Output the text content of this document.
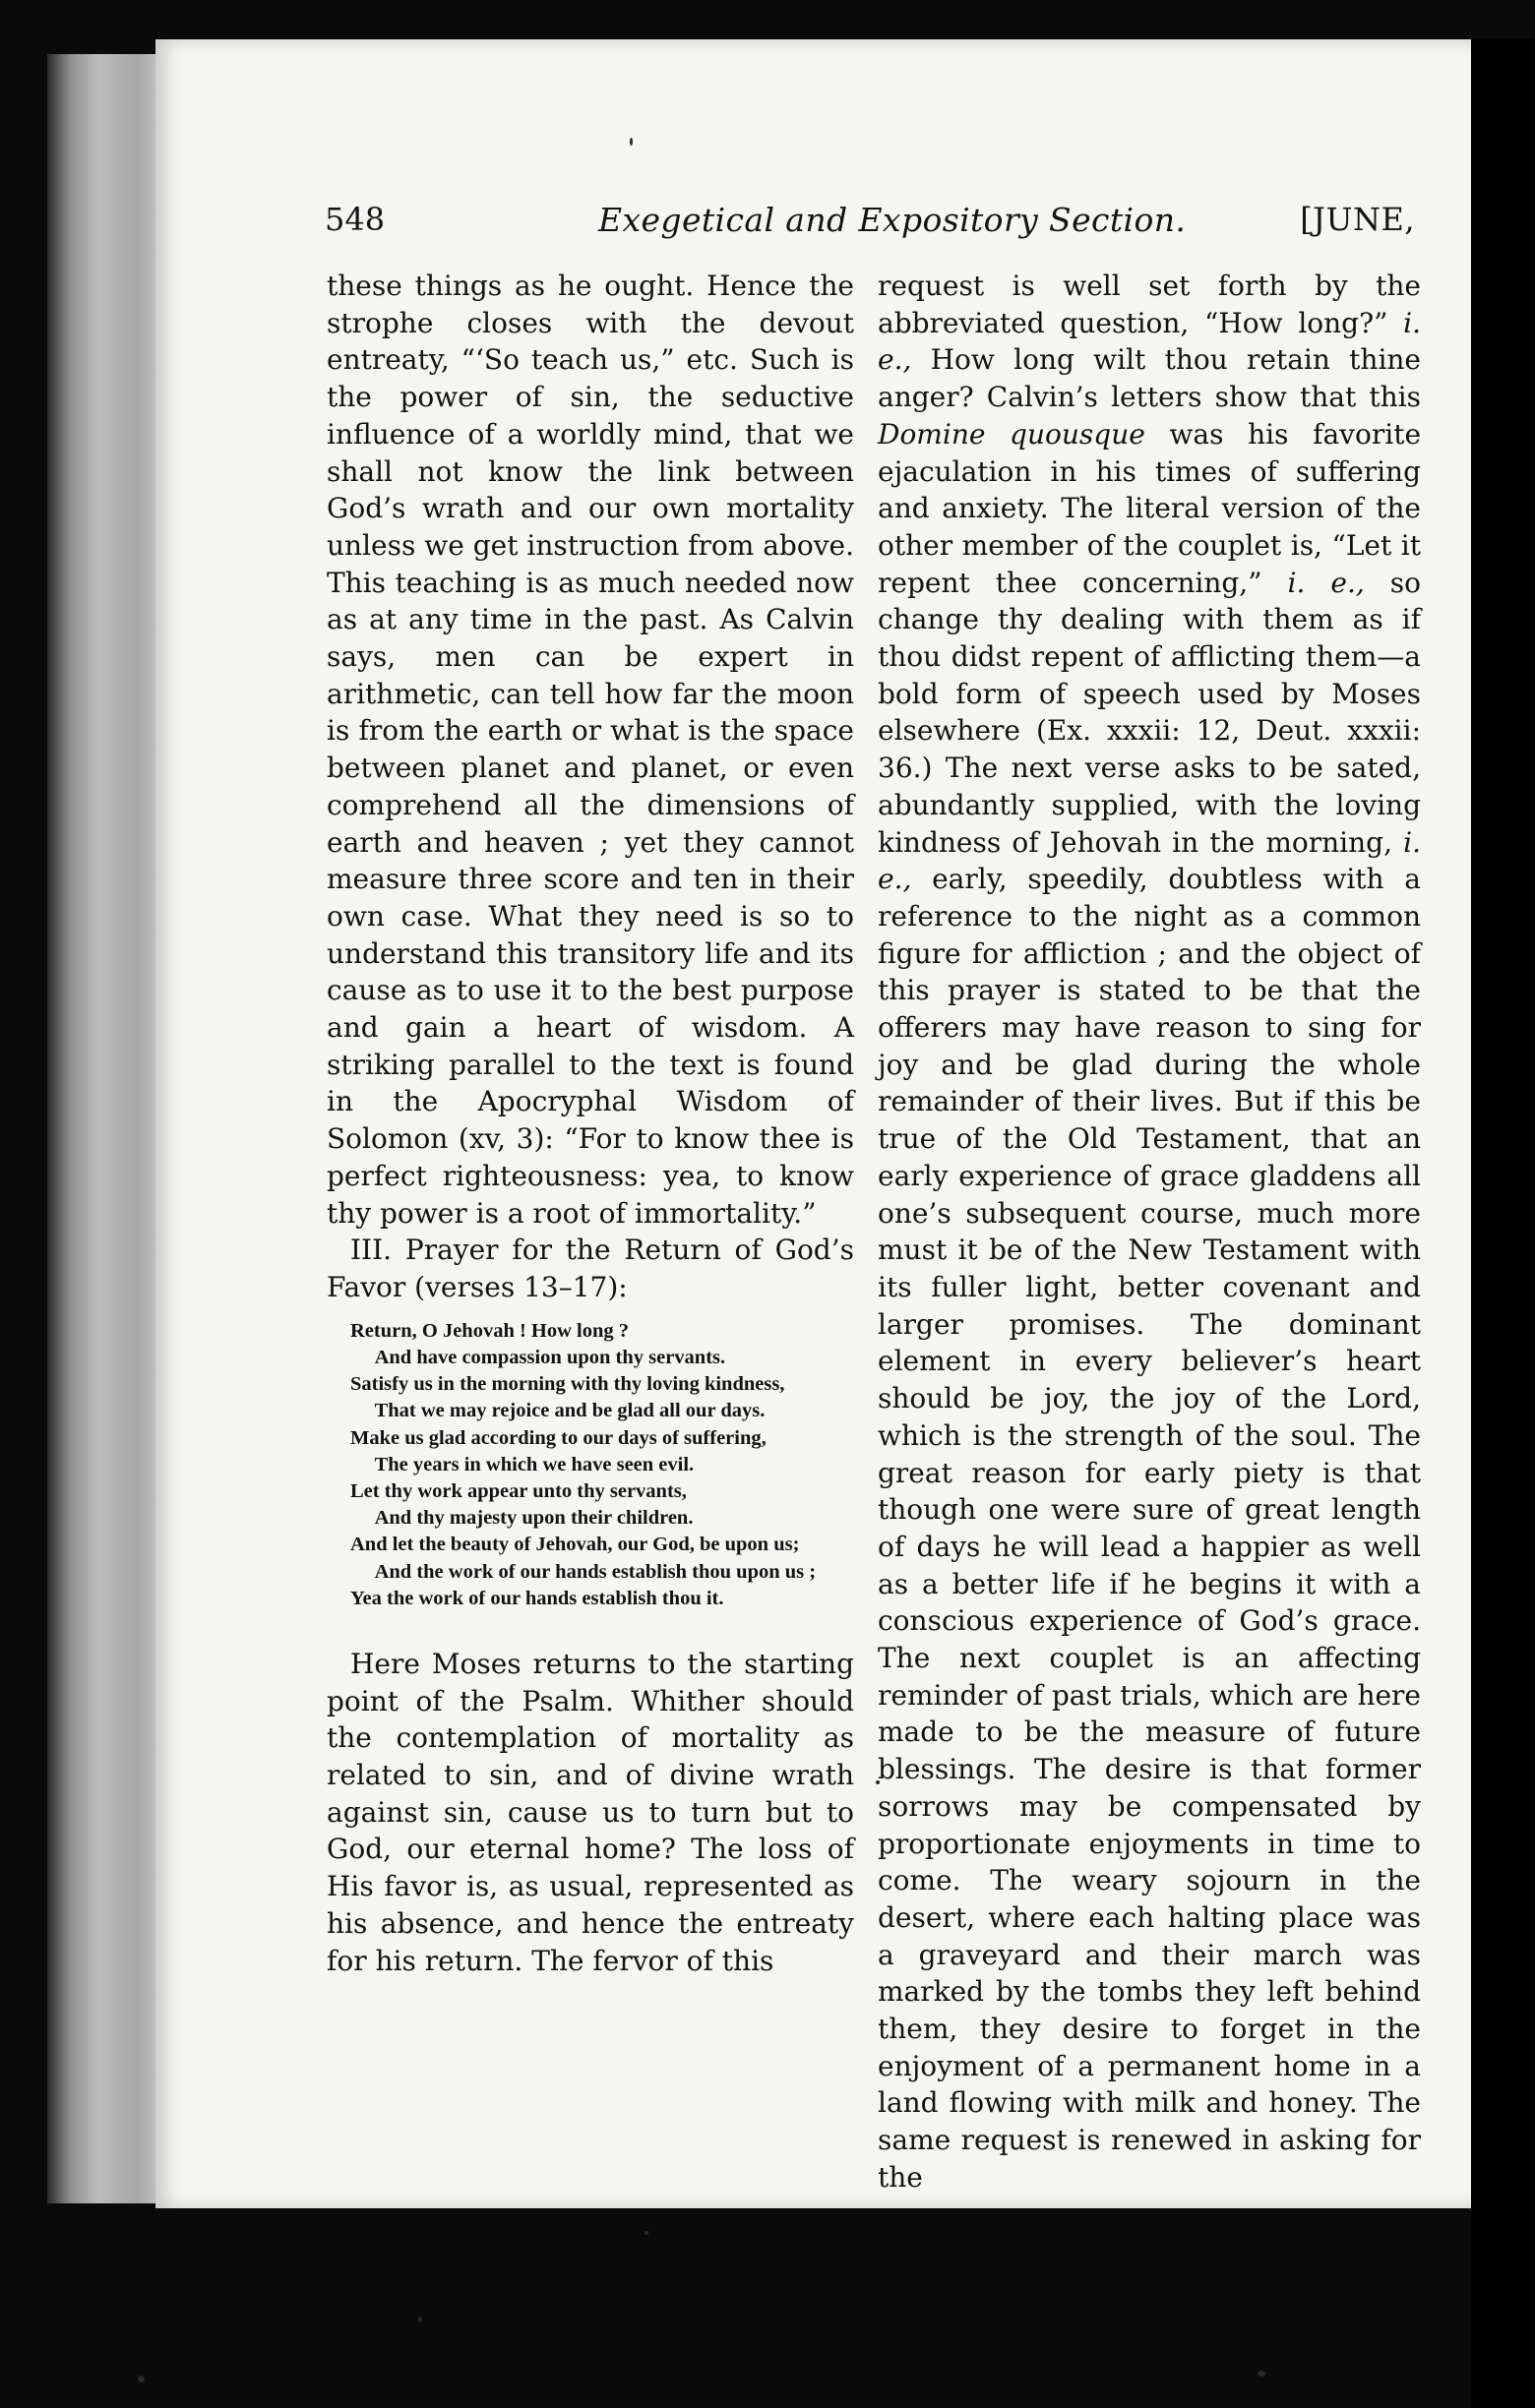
548	Exegetical and Expository Section.	[JUNE,

these things as he ought. Hence the strophe closes with the devout entreaty, “‘So teach us,” etc. Such is the power of sin, the seductive influence of a worldly mind, that we shall not know the link between God’s wrath and our own mortality unless we get instruction from above. This teaching is as much needed now as at any time in the past. As Calvin says, men can be expert in arithmetic, can tell how far the moon is from the earth or what is the space between planet and planet, or even comprehend all the dimensions of earth and heaven ; yet they cannot measure three score and ten in their own case. What they need is so to understand this transitory life and its cause as to use it to the best purpose and gain a heart of wisdom. A striking parallel to the text is found in the Apocryphal Wisdom of Solomon (xv, 3): “For to know thee is perfect righteousness: yea, to know thy power is a root of immortality.”

III. Prayer for the Return of God’s Favor (verses 13–17):

Return, O Jehovah ! How long ?
And have compassion upon thy servants.
Satisfy us in the morning with thy loving kindness,
That we may rejoice and be glad all our days.
Make us glad according to our days of suffering,
The years in which we have seen evil.
Let thy work appear unto thy servants,
And thy majesty upon their children.
And let the beauty of Jehovah, our God, be upon us;
And the work of our hands establish thou upon us ;
Yea the work of our hands establish thou it.

Here Moses returns to the starting point of the Psalm. Whither should the contemplation of mortality as related to sin, and of divine wrath against sin, cause us to turn but to God, our eternal home? The loss of His favor is, as usual, represented as his absence, and hence the entreaty for his return. The fervor of this

request is well set forth by the abbreviated question, “How long?” i. e., How long wilt thou retain thine anger? Calvin’s letters show that this Domine quousque was his favorite ejaculation in his times of suffering and anxiety. The literal version of the other member of the couplet is, “Let it repent thee concerning,” i. e., so change thy dealing with them as if thou didst repent of afflicting them—a bold form of speech used by Moses elsewhere (Ex. xxxii: 12, Deut. xxxii: 36.) The next verse asks to be sated, abundantly supplied, with the loving kindness of Jehovah in the morning, i. e., early, speedily, doubtless with a reference to the night as a common figure for affliction ; and the object of this prayer is stated to be that the offerers may have reason to sing for joy and be glad during the whole remainder of their lives. But if this be true of the Old Testament, that an early experience of grace gladdens all one’s subsequent course, much more must it be of the New Testament with its fuller light, better covenant and larger promises. The dominant element in every believer’s heart should be joy, the joy of the Lord, which is the strength of the soul. The great reason for early piety is that though one were sure of great length of days he will lead a happier as well as a better life if he begins it with a conscious experience of God’s grace. The next couplet is an affecting reminder of past trials, which are here made to be the measure of future blessings. The desire is that former sorrows may be compensated by proportionate enjoyments in time to come. The weary sojourn in the desert, where each halting place was a graveyard and their march was marked by the tombs they left behind them, they desire to forget in the enjoyment of a permanent home in a land flowing with milk and honey. The same request is renewed in asking for the
